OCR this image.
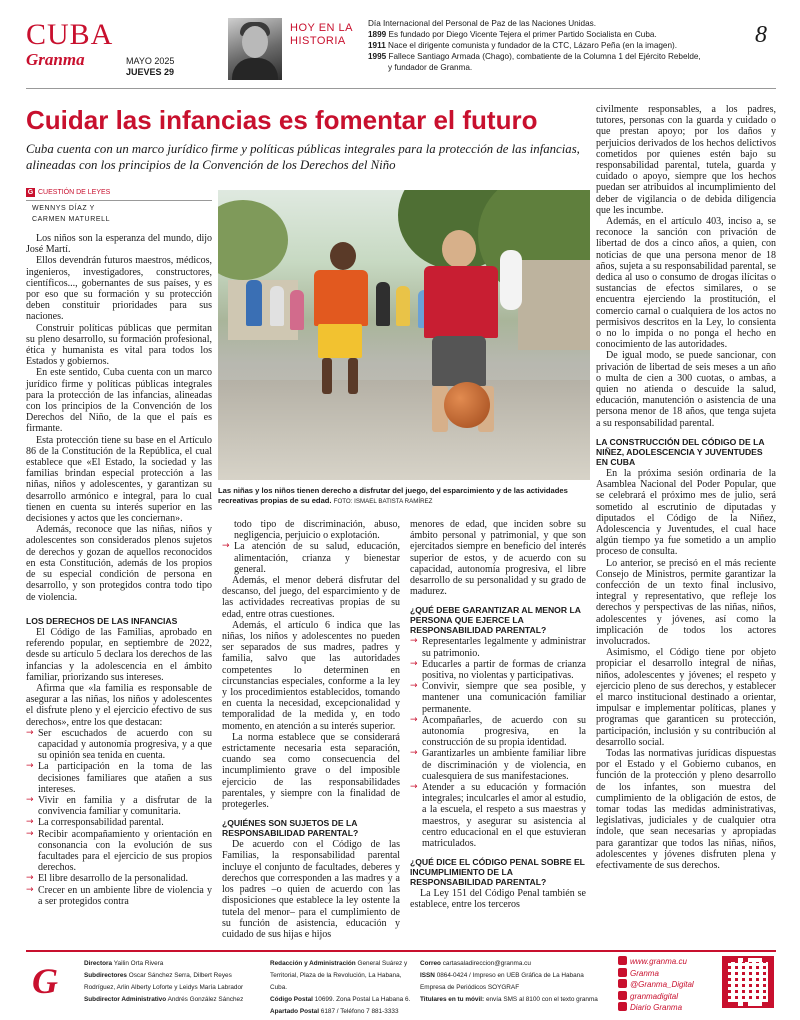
CUBA
Granma	MAYO 2025
JUEVES 29
HOY EN LA
HISTORIA
Día Internacional del Personal de Paz de las Naciones Unidas.
1899 Es fundado por Diego Vicente Tejera el primer Partido Socialista en Cuba.
1911 Nace el dirigente comunista y fundador de la CTC, Lázaro Peña (en la imagen).
1995 Fallece Santiago Armada (Chago), combatiente de la Columna 1 del Ejército Rebelde,
y fundador de Granma.
8
Cuidar las infancias es fomentar el futuro
Cuba cuenta con un marco jurídico firme y políticas públicas integrales para la protección de las infancias, alineadas con los principios de la Convención de los Derechos del Niño
G CUESTIÓN DE LEYES
WENNYS DÍAZ Y
CARMEN MATURELL

Los niños son la esperanza del mundo, dijo José Martí.

Ellos devendrán futuros maestros, médicos, ingenieros, investigadores, constructores, científicos..., gobernantes de sus países, y es por eso que su formación y su protección deben constituir prioridades para sus naciones.

Construir políticas públicas que permitan su pleno desarrollo, su formación profesional, ética y humanista es vital para todos los Estados y gobiernos.

En este sentido, Cuba cuenta con un marco jurídico firme y políticas públicas integrales para la protección de las infancias, alineadas con los principios de la Convención de los Derechos del Niño, de la que el país es firmante.

Esta protección tiene su base en el Artículo 86 de la Constitución de la República, el cual establece que «El Estado, la sociedad y las familias brindan especial protección a las niñas, niños y adolescentes, y garantizan su desarrollo armónico e integral, para lo cual tienen en cuenta su interés superior en las decisiones y actos que les conciernan».

Además, reconoce que las niñas, niños y adolescentes son considerados plenos sujetos de derechos y gozan de aquellos reconocidos en esta Constitución, además de los propios de su especial condición de persona en desarrollo, y son protegidos contra todo tipo de violencia.

LOS DERECHOS DE LAS INFANCIAS

El Código de las Familias, aprobado en referendo popular, en septiembre de 2022, desde su artículo 5 declara los derechos de las infancias y la adolescencia en el ámbito familiar, priorizando sus intereses.

Afirma que «la familia es responsable de asegurar a las niñas, los niños y adolescentes el disfrute pleno y el ejercicio efectivo de sus derechos», entre los que destacan:

→ Ser escuchados de acuerdo con su capacidad y autonomía progresiva, y a que su opinión sea tenida en cuenta.
→ La participación en la toma de las decisiones familiares que atañen a sus intereses.
→ Vivir en familia y a disfrutar de la convivencia familiar y comunitaria.
→ La corresponsabilidad parental.
→ Recibir acompañamiento y orientación en consonancia con la evolución de sus facultades para el ejercicio de sus propios derechos.
→ El libre desarrollo de la personalidad.
→ Crecer en un ambiente libre de violencia y a ser protegidos contra
Las niñas y los niños tienen derecho a disfrutar del juego, del esparcimiento y de las actividades recreativas propias de su edad. FOTO: ISMAEL BATISTA RAMÍREZ

todo tipo de discriminación, abuso, negligencia, perjuicio o explotación.

→ La atención de su salud, educación, alimentación, crianza y bienestar general.

Además, el menor deberá disfrutar del descanso, del juego, del esparcimiento y de las actividades recreativas propias de su edad, entre otras cuestiones.

Además, el artículo 6 indica que las niñas, los niños y adolescentes no pueden ser separados de sus madres, padres y familia, salvo que las autoridades competentes lo determinen en circunstancias especiales, conforme a la ley y los procedimientos establecidos, tomando en cuenta la necesidad, excepcionalidad y temporalidad de la medida y, en todo momento, en atención a su interés superior.

La norma establece que se considerará estrictamente necesaria esta separación, cuando sea como consecuencia del incumplimiento grave o del imposible ejercicio de las responsabilidades parentales, y siempre con la finalidad de protegerles.

¿QUIÉNES SON SUJETOS DE LA RESPONSABILIDAD PARENTAL?

De acuerdo con el Código de las Familias, la responsabilidad parental incluye el conjunto de facultades, deberes y derechos que corresponden a las madres y a los padres –o quien de acuerdo con las disposiciones que establece la ley ostente la tutela del menor– para el cumplimiento de su función de asistencia, educación y cuidado de sus hijas e hijos

menores de edad, que inciden sobre su ámbito personal y patrimonial, y que son ejercitados siempre en beneficio del interés superior de estos, y de acuerdo con su capacidad, autonomía progresiva, el libre desarrollo de su personalidad y su grado de madurez.

¿QUÉ DEBE GARANTIZAR AL MENOR LA PERSONA QUE EJERCE LA RESPONSABILIDAD PARENTAL?
→ Representarles legalmente y administrar su patrimonio.
→ Educarles a partir de formas de crianza positiva, no violentas y participativas.
→ Convivir, siempre que sea posible, y mantener una comunicación familiar permanente.
→ Acompañarles, de acuerdo con su autonomía progresiva, en la construcción de su propia identidad.
→ Garantizarles un ambiente familiar libre de discriminación y de violencia, en cualesquiera de sus manifestaciones.
→ Atender a su educación y formación integrales; inculcarles el amor al estudio, a la escuela, el respeto a sus maestras y maestros, y asegurar su asistencia al centro educacional en el que estuvieran matriculados.
¿QUÉ DICE EL CÓDIGO PENAL SOBRE EL INCUMPLIMIENTO DE LA RESPONSABILIDAD PARENTAL?

La Ley 151 del Código Penal también se establece, entre los terceros

civilmente responsables, a los padres, tutores, personas con la guarda y cuidado o que prestan apoyo; por los daños y perjuicios derivados de los hechos delictivos cometidos por quienes estén bajo su responsabilidad parental, tutela, guarda y cuidado o apoyo, siempre que los hechos puedan ser atribuidos al incumplimiento del deber de vigilancia o de debida diligencia que les incumbe.

Además, en el artículo 403, inciso a, se reconoce la sanción con privación de libertad de dos a cinco años, a quien, con noticias de que una persona menor de 18 años, sujeta a su responsabilidad parental, se dedica al uso o consumo de drogas ilícitas o sustancias de efectos similares, o se encuentra ejerciendo la prostitución, el comercio carnal o cualquiera de los actos no permisivos descritos en la Ley, lo consienta o no lo impida o no ponga el hecho en conocimiento de las autoridades.

De igual modo, se puede sancionar, con privación de libertad de seis meses a un año o multa de cien a 300 cuotas, o ambas, a quien no atienda o descuide la salud, educación, manutención o asistencia de una persona menor de 18 años, que tenga sujeta a su responsabilidad parental.

LA CONSTRUCCIÓN DEL CÓDIGO DE LA NIÑEZ, ADOLESCENCIA Y JUVENTUDES EN CUBA

En la próxima sesión ordinaria de la Asamblea Nacional del Poder Popular, que se celebrará el próximo mes de julio, será sometido al escrutinio de diputadas y diputados el Código de la Niñez, Adolescencia y Juventudes, el cual hace algún tiempo ya fue sometido a un amplio proceso de consulta.

Lo anterior, se precisó en el más reciente Consejo de Ministros, permite garantizar la confección de un texto final inclusivo, integral y representativo, que refleje los derechos y perspectivas de las niñas, niños, adolescentes y jóvenes, así como la implicación de todos los actores involucrados.

Asimismo, el Código tiene por objeto propiciar el desarrollo integral de niñas, niños, adolescentes y jóvenes; el respeto y ejercicio pleno de sus derechos, y establecer el marco institucional destinado a orientar, impulsar e implementar políticas, planes y programas que garanticen su protección, participación, inclusión y su contribución al desarrollo social.

Todas las normativas jurídicas dispuestas por el Estado y el Gobierno cubanos, en función de la protección y pleno desarrollo de los infantes, son muestra del cumplimiento de la obligación de estos, de tomar todas las medidas administrativas, legislativas, judiciales y de cualquier otra índole, que sean necesarias y apropiadas para garantizar que todos las niñas, niños, adolescentes y jóvenes disfruten plena y efectivamente de sus derechos.

G	Directora Yailin Orta Rivera
Subdirectores Oscar Sánchez Serra, Dilbert Reyes
Rodríguez, Arlin Alberty Loforte y Leidys María Labrador
Subdirector Administrativo Andrés González Sánchez
Redacción y Administración General Suárez y
Territorial, Plaza de la Revolución, La Habana, Cuba.
Código Postal 10699. Zona Postal La Habana 6.
Apartado Postal 6187 / Teléfono 7 881-3333
Correo cartasaladireccion@granma.cu
ISSN 0864-0424 / Impreso en UEB Gráfica de La Habana
Empresa de Periódicos SOYGRAF
Titulares en tu móvil: envía SMS al 8100 con el texto granma
www.granma.cu
Granma
@Granma_Digital
granmadigital
Diario Granma
